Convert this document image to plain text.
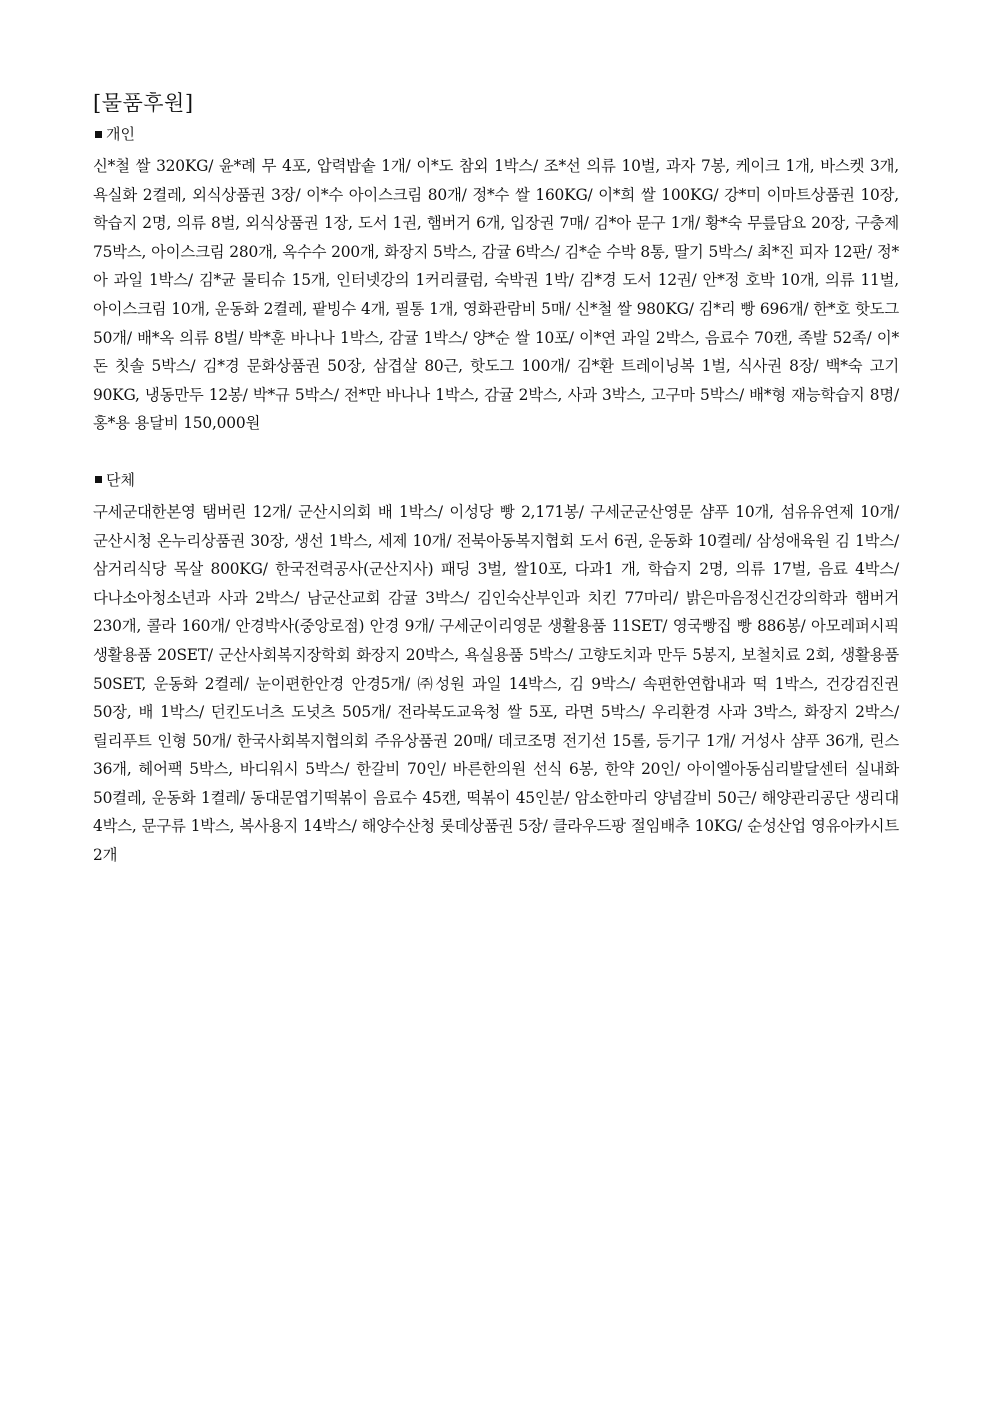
[물품후원]
개인

신*철 쌀 320KG/ 윤*례 무 4포, 압력밥솥 1개/ 이*도 참외 1박스/ 조*선 의류 10벌, 과자 7봉, 케이크 1개, 바스켓 3개, 욕실화 2켤레, 외식상품권 3장/ 이*수 아이스크림 80개/ 정*수 쌀 160KG/ 이*희 쌀 100KG/ 강*미 이마트상품권 10장, 학습지 2명, 의류 8벌, 외식상품권 1장, 도서 1권, 햄버거 6개, 입장권 7매/ 김*아 문구 1개/ 황*숙 무릎담요 20장, 구충제 75박스, 아이스크림 280개, 옥수수 200개, 화장지 5박스, 감귤 6박스/ 김*순 수박 8통, 딸기 5박스/ 최*진 피자 12판/ 정*아 과일 1박스/ 김*균 물티슈 15개, 인터넷강의 1커리큘럼, 숙박권 1박/ 김*경 도서 12권/ 안*정 호박 10개, 의류 11벌, 아이스크림 10개, 운동화 2켤레, 팥빙수 4개, 필통 1개, 영화관람비 5매/ 신*철 쌀 980KG/ 김*리 빵 696개/ 한*호 핫도그 50개/ 배*옥 의류 8벌/ 박*훈 바나나 1박스, 감귤 1박스/ 양*순 쌀 10포/ 이*연 과일 2박스, 음료수 70캔, 족발 52족/ 이*돈 칫솔 5박스/ 김*경 문화상품권 50장, 삼겹살 80근, 핫도그 100개/ 김*환 트레이닝복 1벌, 식사권 8장/ 백*숙 고기 90KG, 냉동만두 12봉/ 박*규 5박스/ 전*만 바나나 1박스, 감귤 2박스, 사과 3박스, 고구마 5박스/ 배*형 재능학습지 8명/ 홍*용 용달비 150,000원

단체

구세군대한본영 탬버린 12개/ 군산시의회 배 1박스/ 이성당 빵 2,171봉/ 구세군군산영문 샴푸 10개, 섬유유연제 10개/ 군산시청 온누리상품권 30장, 생선 1박스, 세제 10개/ 전북아동복지협회 도서 6권, 운동화 10켤레/ 삼성애육원 김 1박스/ 삼거리식당 목살 800KG/ 한국전력공사(군산지사) 패딩 3벌, 쌀10포, 다과1 개, 학습지 2명, 의류 17벌, 음료 4박스/ 다나소아청소년과 사과 2박스/ 남군산교회 감귤 3박스/ 김인숙산부인과 치킨 77마리/ 밝은마음정신건강의학과 햄버거 230개, 콜라 160개/ 안경박사(중앙로점) 안경 9개/ 구세군이리영문 생활용품 11SET/ 영국빵집 빵 886봉/ 아모레퍼시픽 생활용품 20SET/ 군산사회복지장학회 화장지 20박스, 욕실용품 5박스/ 고향도치과 만두 5봉지, 보철치료 2회, 생활용품 50SET, 운동화 2켤레/ 눈이편한안경 안경5개/ ㈜성원 과일 14박스, 김 9박스/ 속편한연합내과 떡 1박스, 건강검진권 50장, 배 1박스/ 던킨도너츠 도넛츠 505개/ 전라북도교육청 쌀 5포, 라면 5박스/ 우리환경 사과 3박스, 화장지 2박스/ 릴리푸트 인형 50개/ 한국사회복지협의회 주유상품권 20매/ 데코조명 전기선 15롤, 등기구 1개/ 거성사 샴푸 36개, 린스 36개, 헤어팩 5박스, 바디워시 5박스/ 한갈비 70인/ 바른한의원 선식 6봉, 한약 20인/ 아이엘아동심리발달센터 실내화 50켤레, 운동화 1켤레/ 동대문엽기떡볶이 음료수 45캔, 떡볶이 45인분/ 암소한마리 양념갈비 50근/ 해양관리공단 생리대 4박스, 문구류 1박스, 복사용지 14박스/ 해양수산청 롯데상품권 5장/ 클라우드팡 절임배추 10KG/ 순성산업 영유아카시트 2개
